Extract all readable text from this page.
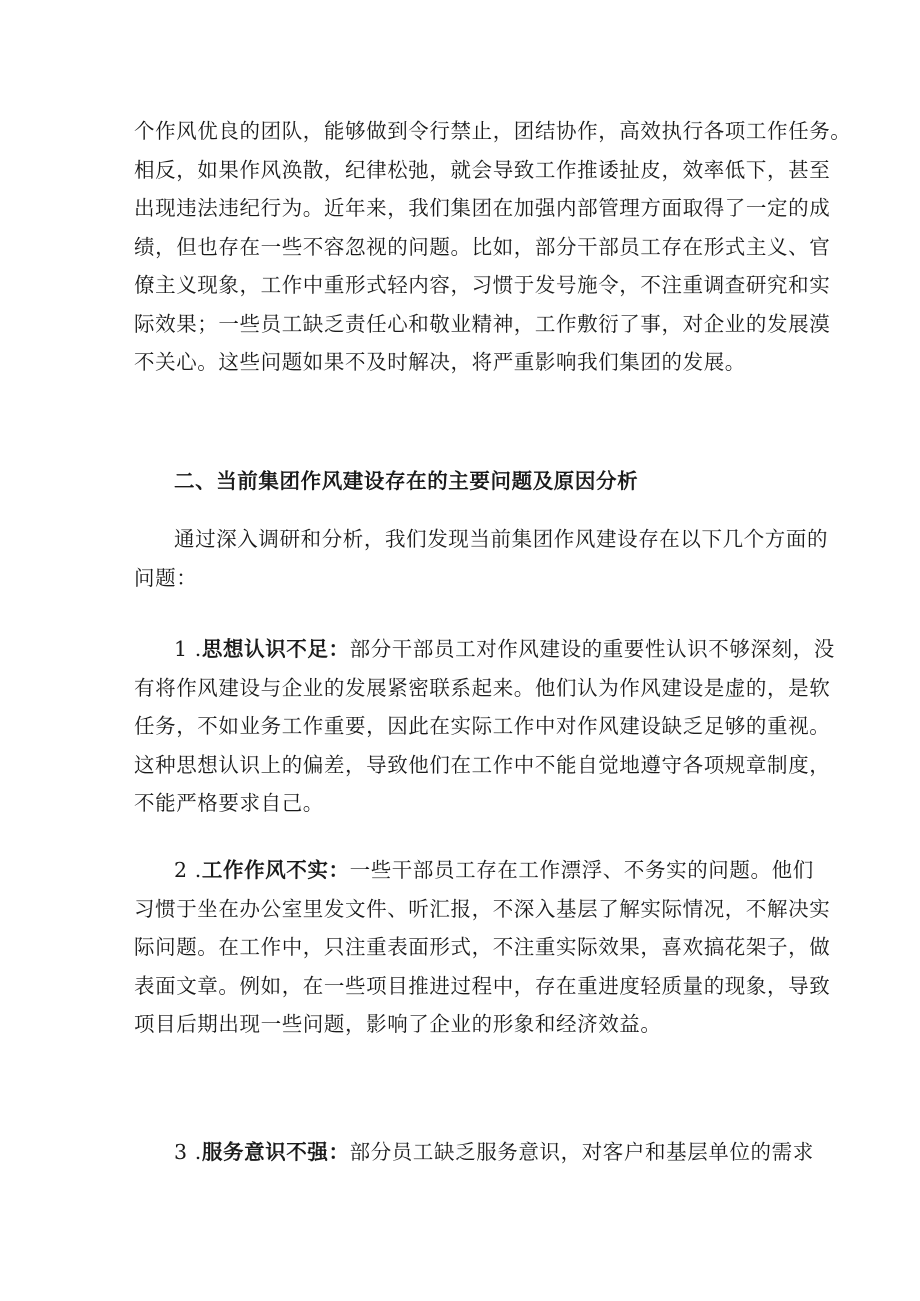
个作风优良的团队，能够做到令行禁止，团结协作，高效执行各项工作任务。
相反，如果作风涣散，纪律松弛，就会导致工作推诿扯皮，效率低下，甚至
出现违法违纪行为。近年来，我们集团在加强内部管理方面取得了一定的成
绩，但也存在一些不容忽视的问题。比如，部分干部员工存在形式主义、官
僚主义现象，工作中重形式轻内容，习惯于发号施令，不注重调查研究和实
际效果；一些员工缺乏责任心和敬业精神，工作敷衍了事，对企业的发展漠
不关心。这些问题如果不及时解决，将严重影响我们集团的发展。
二、当前集团作风建设存在的主要问题及原因分析
通过深入调研和分析，我们发现当前集团作风建设存在以下几个方面的
问题：
1 .思想认识不足：部分干部员工对作风建设的重要性认识不够深刻，没
有将作风建设与企业的发展紧密联系起来。他们认为作风建设是虚的，是软
任务，不如业务工作重要，因此在实际工作中对作风建设缺乏足够的重视。
这种思想认识上的偏差，导致他们在工作中不能自觉地遵守各项规章制度，
不能严格要求自己。
2 .工作作风不实：一些干部员工存在工作漂浮、不务实的问题。他们
习惯于坐在办公室里发文件、听汇报，不深入基层了解实际情况，不解决实
际问题。在工作中，只注重表面形式，不注重实际效果，喜欢搞花架子，做
表面文章。例如，在一些项目推进过程中，存在重进度轻质量的现象，导致
项目后期出现一些问题，影响了企业的形象和经济效益。
3 .服务意识不强：部分员工缺乏服务意识，对客户和基层单位的需求
